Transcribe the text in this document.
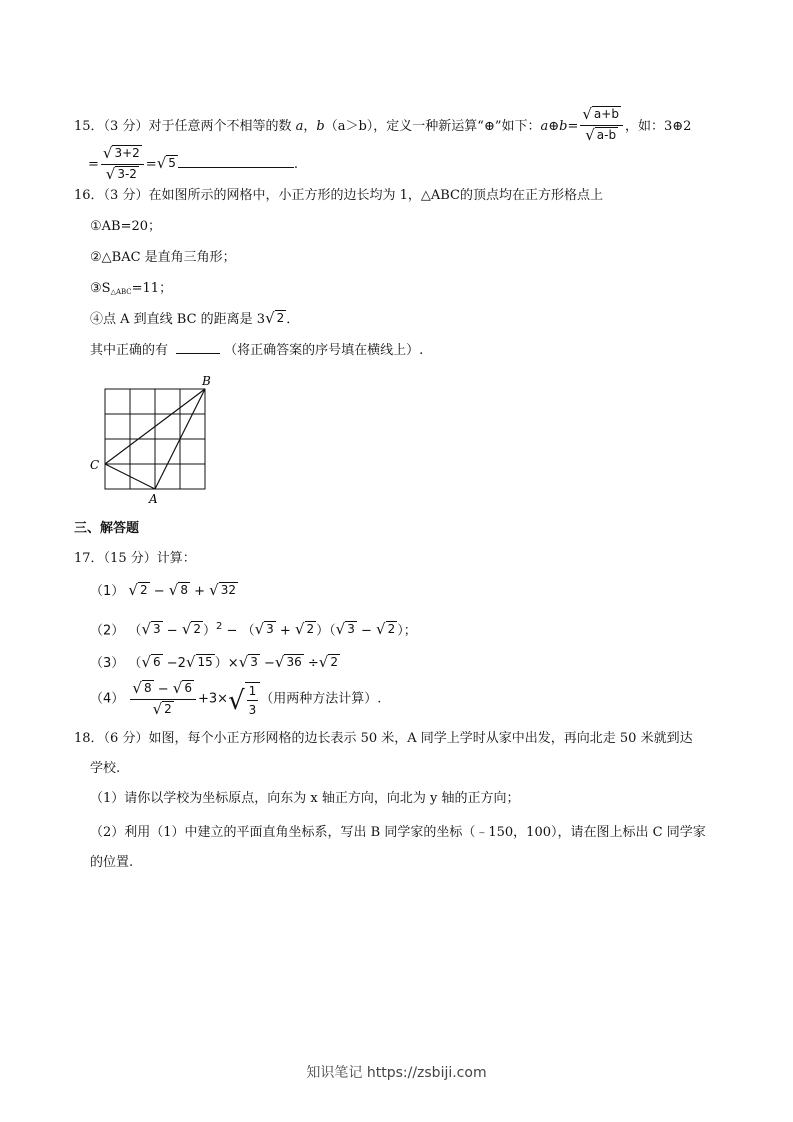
15．（3 分）对于任意两个不相等的数 a，b（a＞b），定义一种新运算“⊕”如下：a⊕b= $\frac{√ a+b}{√ a-b}$ ，如：3⊕2
= $\frac{√ 3+2}{√ 3-2}$ = √ 5	.
16．（3 分）在如图所示的网格中，小正方形的边长均为 1，△ABC的顶点均在正方形格点上
①AB=20；
②△BAC 是直角三角形；
③S△ABC=11；
④点 A 到直线 BC 的距离是 3 √ 2 ．
其中正确的有	（将正确答案的序号填在横线上）.
B
C
A
三、解答题
17．（15 分）计算：
（1） √ 2 − √ 8 + √ 32
（2） （ √ 3 − √ 2 ）$^2$ − （ √ 3 + √ 2 ）（ √ 3 − √ 2 ）；
（3） （ √ 6 −2 √ 15 ）× √ 3 − √ 36 ÷ √ 2
$(4) \frac{√ 8 - √ 6}{√ 2} +3\times$ √ $\frac{1}{3}$ （用两种方法计算）.
18．（6 分）如图，每个小正方形网格的边长表示 50 米，A 同学上学时从家中出发，再向北走 50 米就到达
学校.
（1）请你以学校为坐标原点，向东为 x 轴正方向，向北为 y 轴的正方向；
（2）利用（1）中建立的平面直角坐标系，写出 B 同学家的坐标（﹣150，100），请在图上标出 C 同学家
的位置.
知识笔记 https://zsbiji.com
